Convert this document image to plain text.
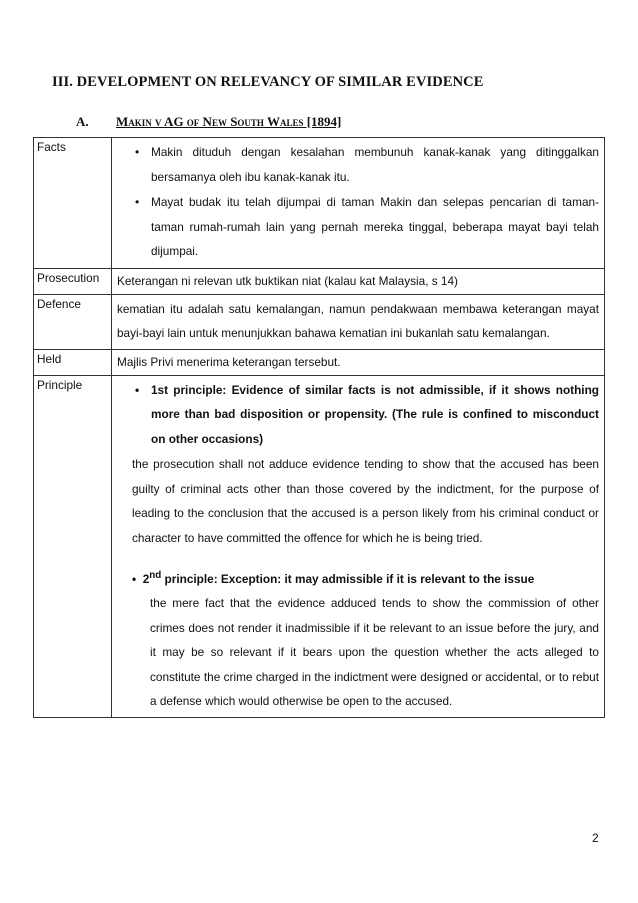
III. DEVELOPMENT ON RELEVANCY OF SIMILAR EVIDENCE
A. Makin v AG of New South Wales [1894]
Facts	• Makin dituduh dengan kesalahan membunuh kanak-kanak yang ditinggalkan bersamanya oleh ibu kanak-kanak itu.

• Mayat budak itu telah dijumpai di taman Makin dan selepas pencarian di taman-taman rumah-rumah lain yang pernah mereka tinggal, beberapa mayat bayi telah dijumpai.

Prosecution	Keterangan ni relevan utk buktikan niat (kalau kat Malaysia, s 14)

Defence	kematian itu adalah satu kemalangan, namun pendakwaan membawa keterangan mayat bayi-bayi lain untuk menunjukkan bahawa kematian ini bukanlah satu kemalangan.

Held	Majlis Privi menerima keterangan tersebut.

Principle	• 1st principle: Evidence of similar facts is not admissible, if it shows nothing more than bad disposition or propensity. (The rule is confined to misconduct on other occasions)

the prosecution shall not adduce evidence tending to show that the accused has been guilty of criminal acts other than those covered by the indictment, for the purpose of leading to the conclusion that the accused is a person likely from his criminal conduct or character to have committed the offence for which he is being tried.

• 2nd principle: Exception: it may admissible if it is relevant to the issue

the mere fact that the evidence adduced tends to show the commission of other crimes does not render it inadmissible if it be relevant to an issue before the jury, and it may be so relevant if it bears upon the question whether the acts alleged to constitute the crime charged in the indictment were designed or accidental, or to rebut a defense which would otherwise be open to the accused.

2
